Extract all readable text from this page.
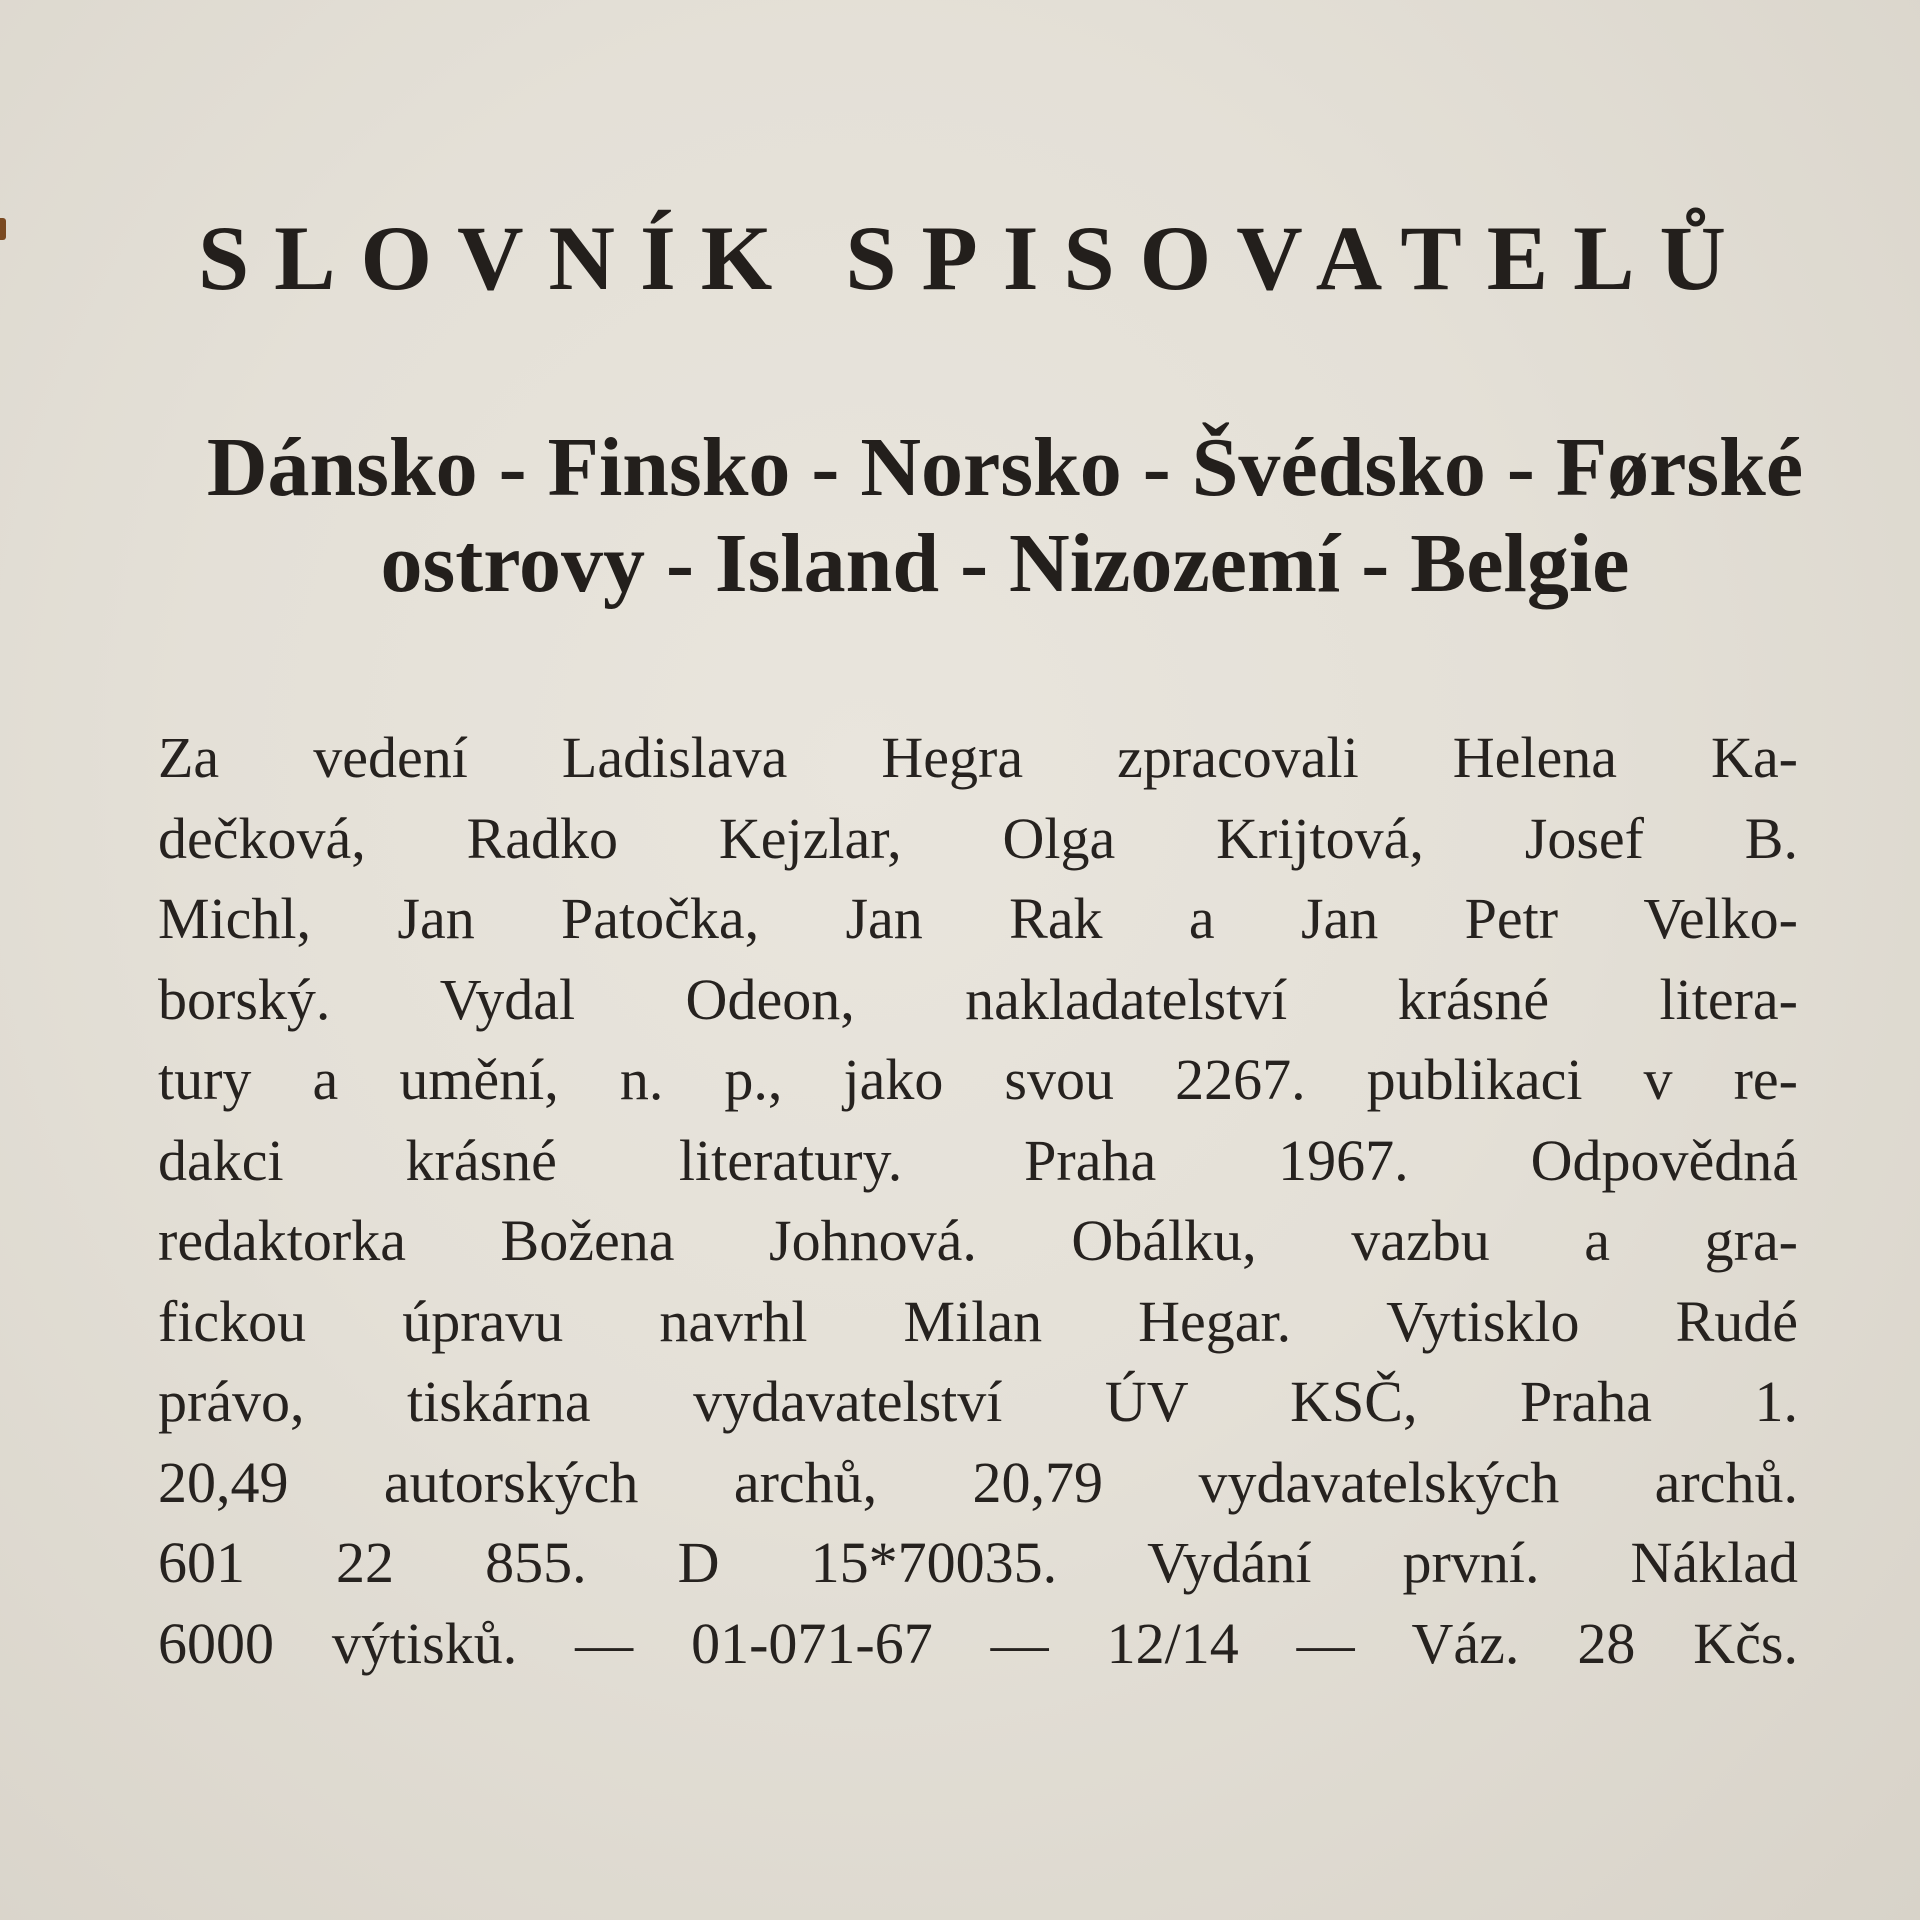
SLOVNÍK SPISOVATELŮ

Dánsko - Finsko - Norsko - Švédsko - Førské
ostrovy - Island - Nizozemí - Belgie

Za vedení Ladislava Hegra zpracovali Helena Ka-
dečková, Radko Kejzlar, Olga Krijtová, Josef B.
Michl, Jan Patočka, Jan Rak a Jan Petr Velko-
borský. Vydal Odeon, nakladatelství krásné litera-
tury a umění, n. p., jako svou 2267. publikaci v re-
dakci krásné literatury. Praha 1967. Odpovědná
redaktorka Božena Johnová. Obálku, vazbu a gra-
fickou úpravu navrhl Milan Hegar. Vytisklo Rudé
právo, tiskárna vydavatelství ÚV KSČ, Praha 1.
20,49 autorských archů, 20,79 vydavatelských archů.
601 22 855. D 15*70035. Vydání první. Náklad
6000 výtisků. — 01-071-67 — 12/14 — Váz. 28 Kčs.
